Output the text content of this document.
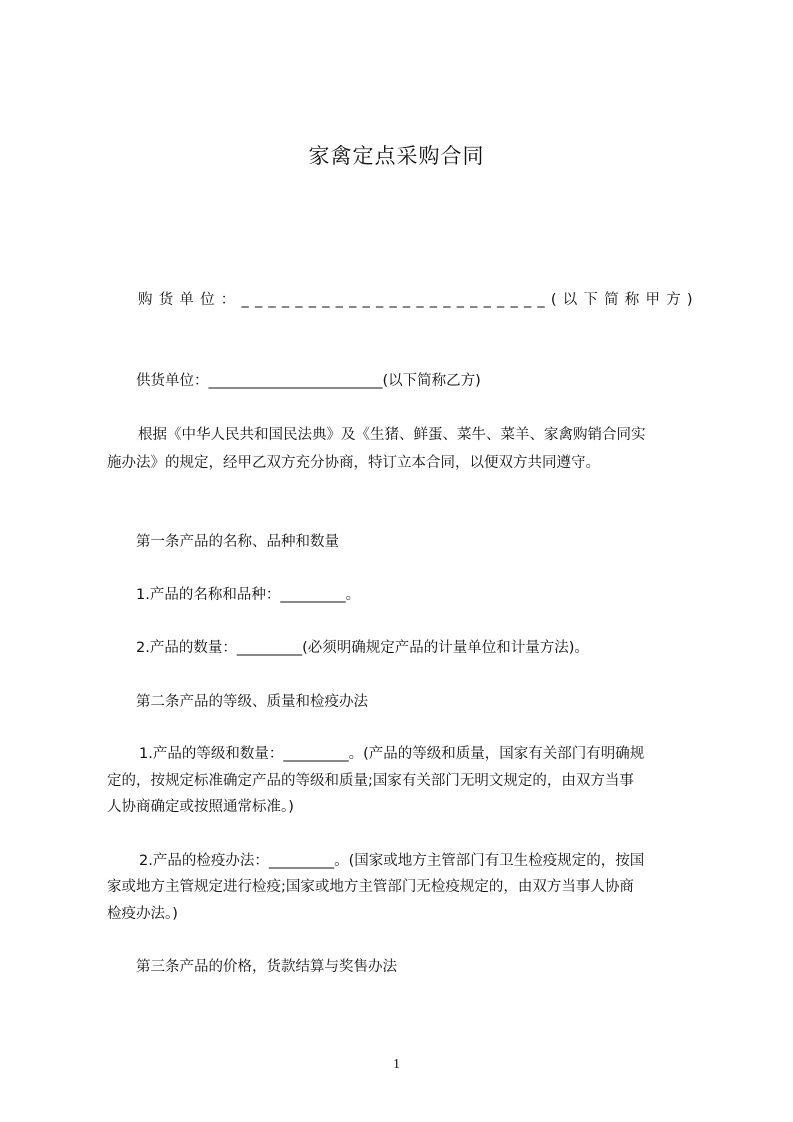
家禽定点采购合同
购货单位：_______________________(以下简称甲方)
供货单位：________________________(以下简称乙方)
根据《中华人民共和国民法典》及《生猪、鲜蛋、菜牛、菜羊、家禽购销合同实
施办法》的规定，经甲乙双方充分协商，特订立本合同，以便双方共同遵守。
第一条产品的名称、品种和数量
1.产品的名称和品种：_________。
2.产品的数量：_________(必须明确规定产品的计量单位和计量方法)。
第二条产品的等级、质量和检疫办法
1.产品的等级和数量：_________。(产品的等级和质量，国家有关部门有明确规
定的，按规定标准确定产品的等级和质量;国家有关部门无明文规定的，由双方当事
人协商确定或按照通常标准。)
2.产品的检疫办法：_________。(国家或地方主管部门有卫生检疫规定的，按国
家或地方主管规定进行检疫;国家或地方主管部门无检疫规定的，由双方当事人协商
检疫办法。)
第三条产品的价格，货款结算与奖售办法
1
